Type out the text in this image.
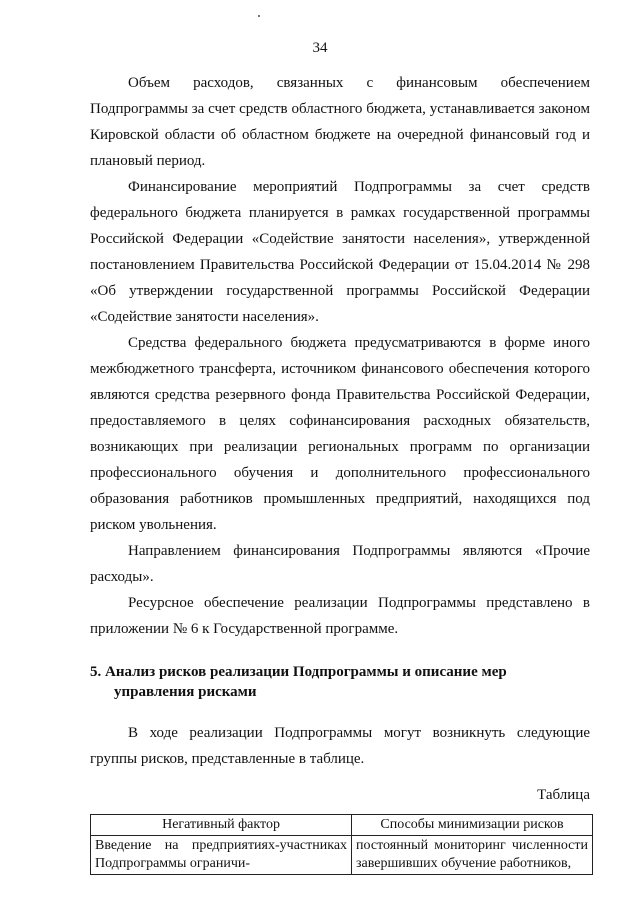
34

Объем расходов, связанных с финансовым обеспечением Подпрограммы за счет средств областного бюджета, устанавливается законом Кировской области об областном бюджете на очередной финансовый год и плановый период.

Финансирование мероприятий Подпрограммы за счет средств федерального бюджета планируется в рамках государственной программы Российской Федерации «Содействие занятости населения», утвержденной постановлением Правительства Российской Федерации от 15.04.2014 № 298 «Об утверждении государственной программы Российской Федерации «Содействие занятости населения».

Средства федерального бюджета предусматриваются в форме иного межбюджетного трансферта, источником финансового обеспечения которого являются средства резервного фонда Правительства Российской Федерации, предоставляемого в целях софинансирования расходных обязательств, возникающих при реализации региональных программ по организации профессионального обучения и дополнительного профессионального образования работников промышленных предприятий, находящихся под риском увольнения.

Направлением финансирования Подпрограммы являются «Прочие расходы».

Ресурсное обеспечение реализации Подпрограммы представлено в приложении № 6 к Государственной программе.

5. Анализ рисков реализации Подпрограммы и описание мер управления рисками

В ходе реализации Подпрограммы могут возникнуть следующие группы рисков, представленные в таблице.

Таблица
Негативный фактор	Способы минимизации рисков
Введение на предприятиях-участниках Подпрограммы ограничи-	постоянный мониторинг численности завершивших обучение работников,
